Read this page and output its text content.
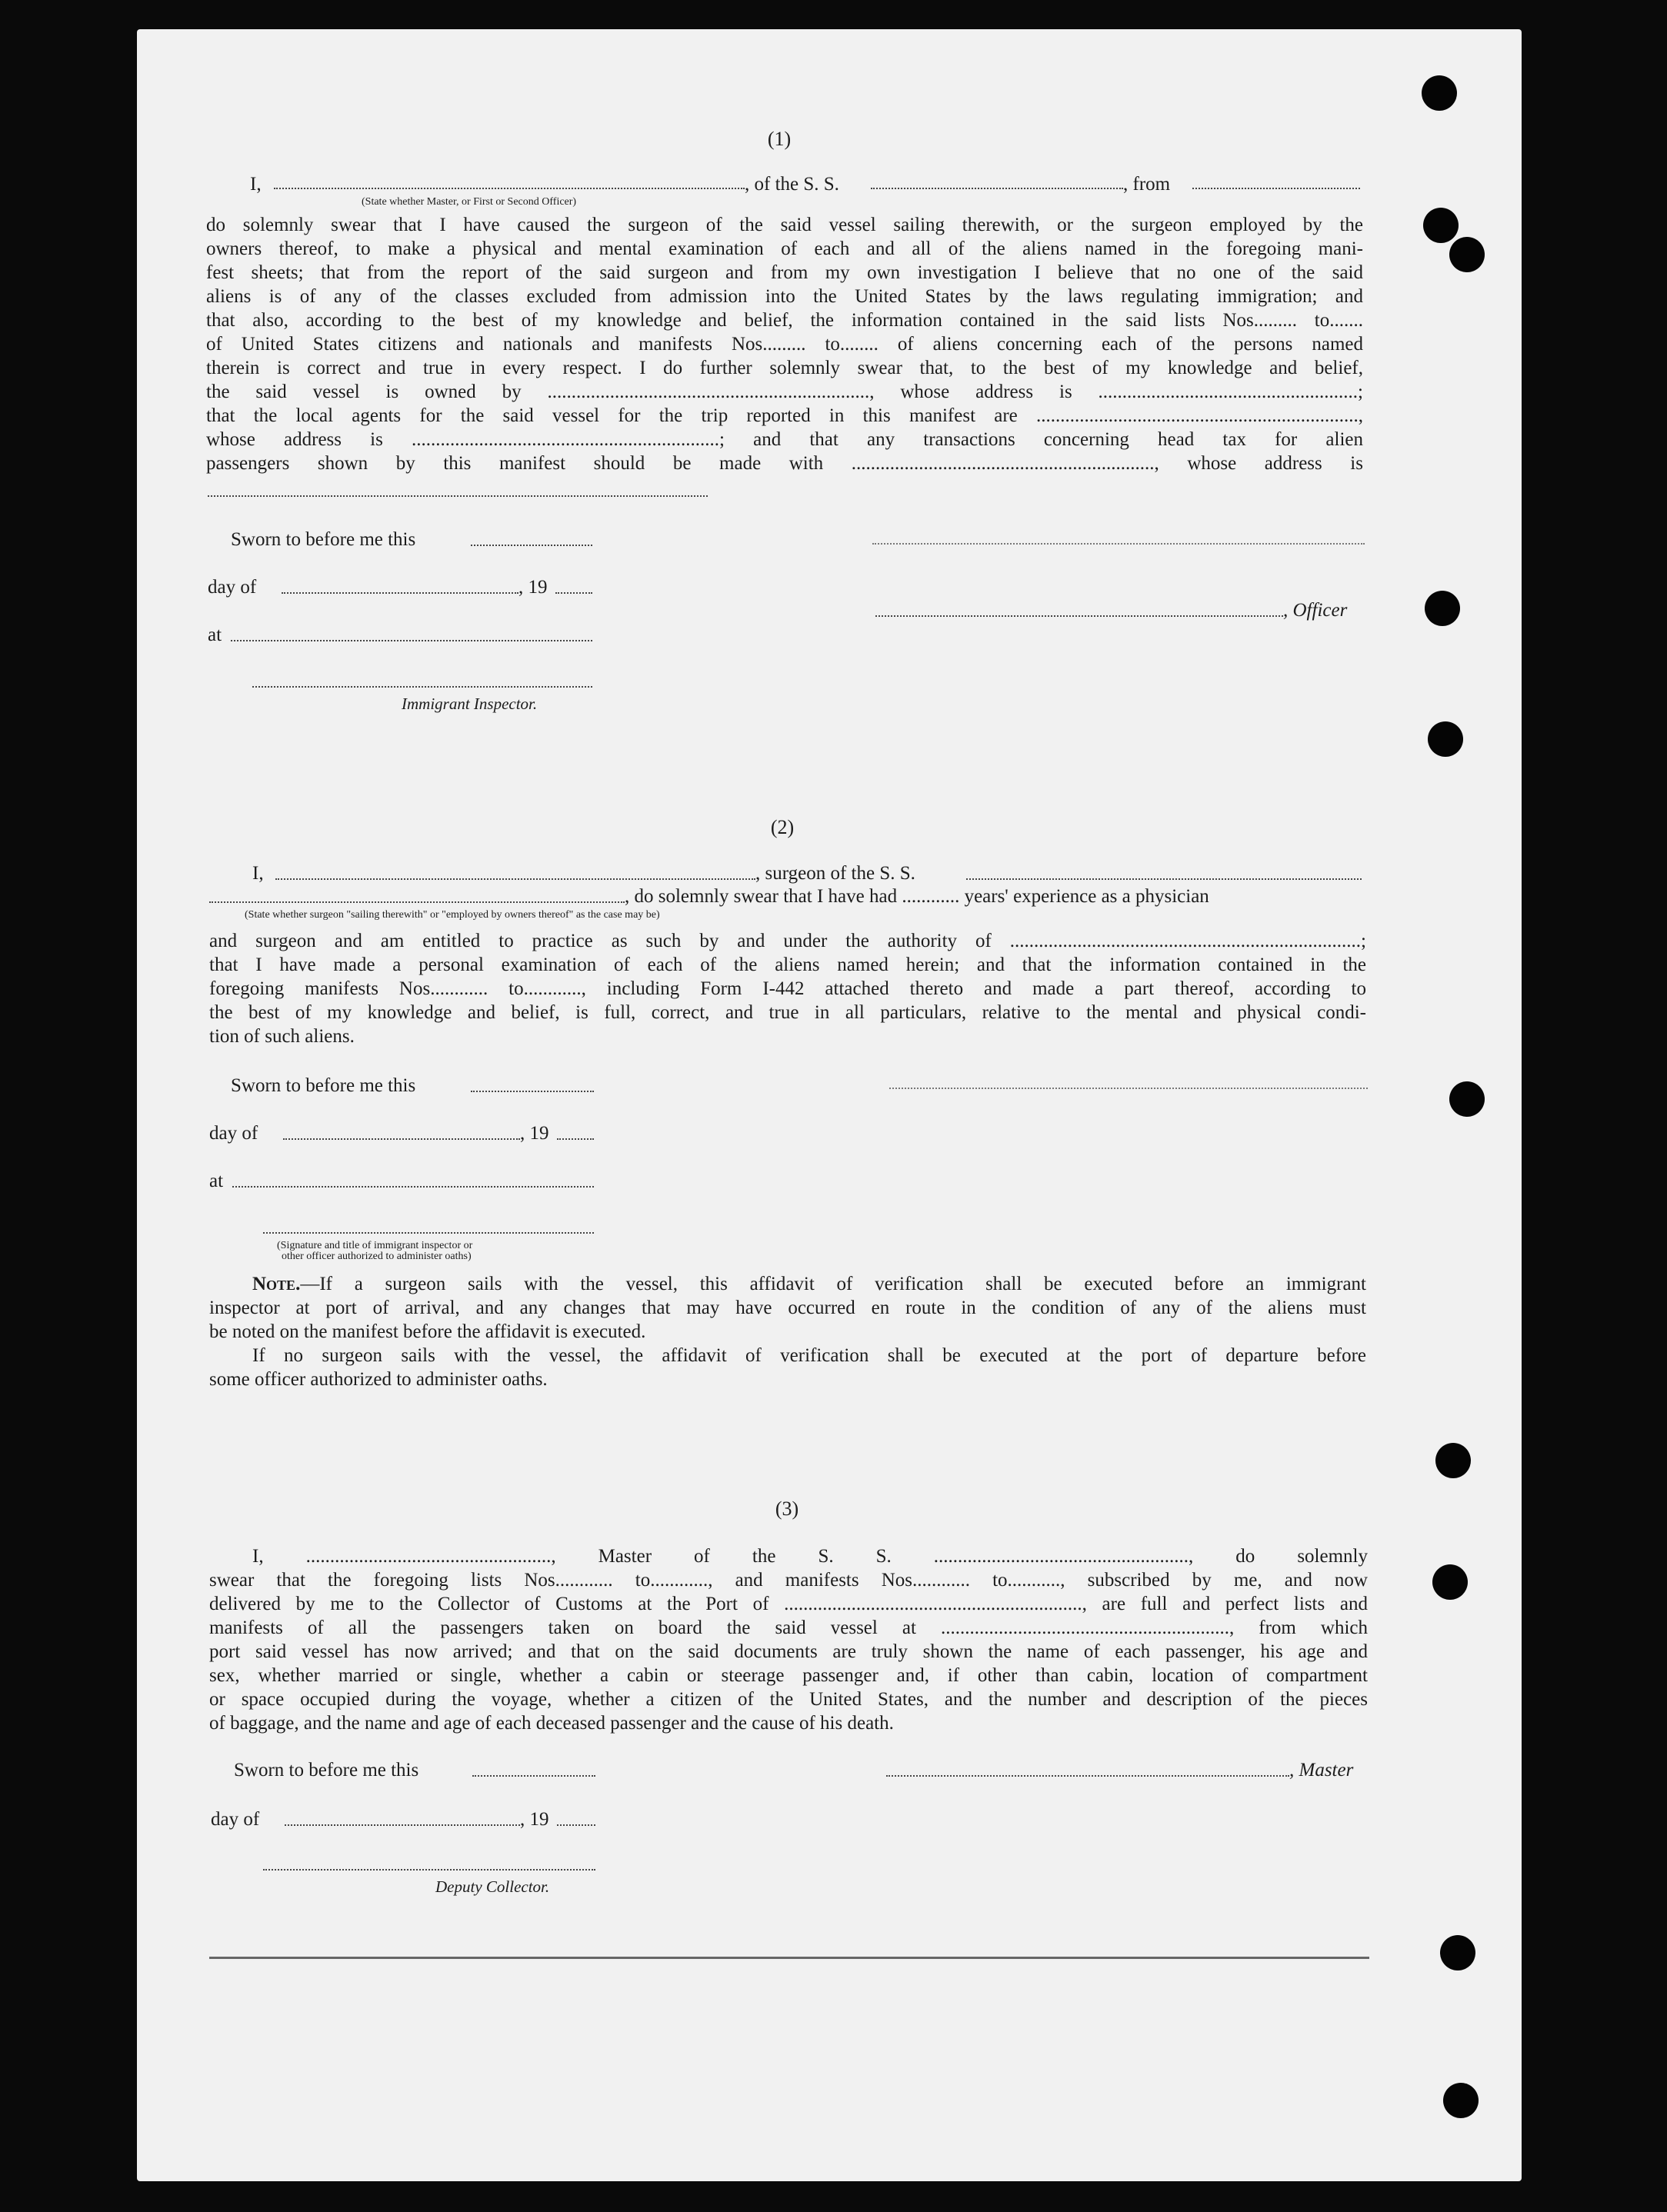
(1)
I,	, of the S. S.	, from
(State whether Master, or First or Second Officer)
do solemnly swear that I have caused the surgeon of the said vessel sailing therewith, or the surgeon employed by the
owners thereof, to make a physical and mental examination of each and all of the aliens named in the foregoing mani-
fest sheets; that from the report of the said surgeon and from my own investigation I believe that no one of the said
aliens is of any of the classes excluded from admission into the United States by the laws regulating immigration; and
that also, according to the best of my knowledge and belief, the information contained in the said lists Nos......... to.......
of United States citizens and nationals and manifests Nos......... to........ of aliens concerning each of the persons named
therein is correct and true in every respect. I do further solemnly swear that, to the best of my knowledge and belief,
the said vessel is owned by ..................................................................., whose address is ......................................................;
that the local agents for the said vessel for the trip reported in this manifest are ...................................................................,
whose address is ................................................................; and that any transactions concerning head tax for alien
passengers shown by this manifest should be made with ..............................................................., whose address is
Sworn to before me this
day of	, 19
, Officer
at
Immigrant Inspector.
(2)
I,	, surgeon of the S. S.
, do solemnly swear that I have had ............ years' experience as a physician
(State whether surgeon "sailing therewith" or "employed by owners thereof" as the case may be)
and surgeon and am entitled to practice as such by and under the authority of .........................................................................;
that I have made a personal examination of each of the aliens named herein; and that the information contained in the
foregoing manifests Nos............ to............, including Form I-442 attached thereto and made a part thereof, according to
the best of my knowledge and belief, is full, correct, and true in all particulars, relative to the mental and physical condi-
tion of such aliens.
Sworn to before me this
day of	, 19
at
(Signature and title of immigrant inspector or
other officer authorized to administer oaths)
Note.—If a surgeon sails with the vessel, this affidavit of verification shall be executed before an immigrant
inspector at port of arrival, and any changes that may have occurred en route in the condition of any of the aliens must
be noted on the manifest before the affidavit is executed.
If no surgeon sails with the vessel, the affidavit of verification shall be executed at the port of departure before
some officer authorized to administer oaths.
(3)
I, ..................................................., Master of the S. S. ....................................................., do solemnly
swear that the foregoing lists Nos............ to............, and manifests Nos............ to..........., subscribed by me, and now
delivered by me to the Collector of Customs at the Port of .............................................................., are full and perfect lists and
manifests of all the passengers taken on board the said vessel at ............................................................, from which
port said vessel has now arrived; and that on the said documents are truly shown the name of each passenger, his age and
sex, whether married or single, whether a cabin or steerage passenger and, if other than cabin, location of compartment
or space occupied during the voyage, whether a citizen of the United States, and the number and description of the pieces
of baggage, and the name and age of each deceased passenger and the cause of his death.
Sworn to before me this	, Master
day of	, 19
Deputy Collector.
